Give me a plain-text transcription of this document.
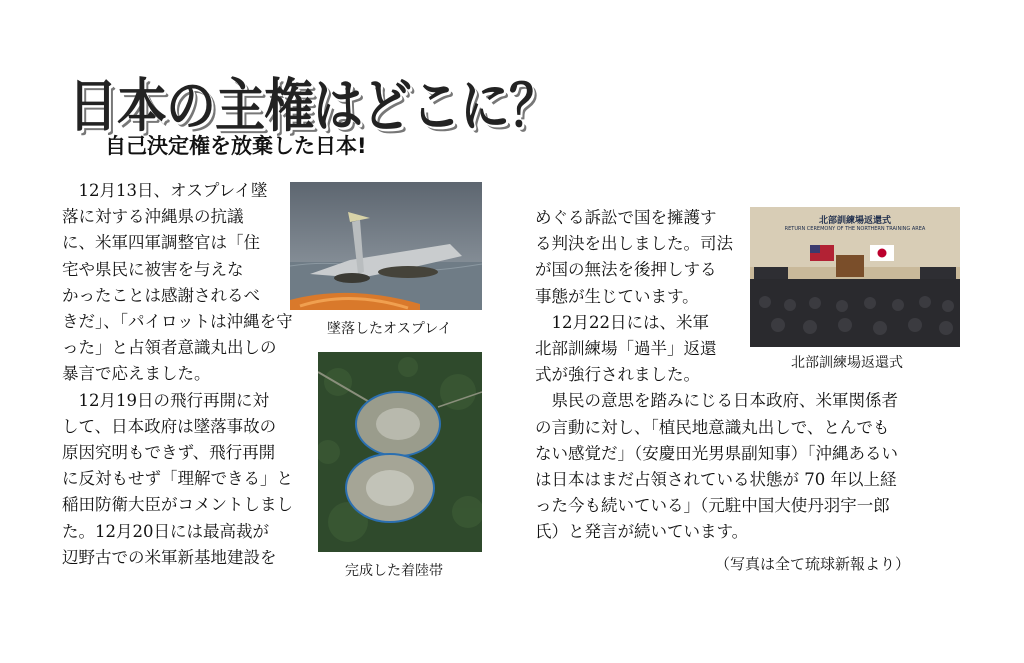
日本の主権はどこに？
自己決定権を放棄した日本!
　12月13日、オスプレイ墜
落に対する沖縄県の抗議
に、米軍四軍調整官は「住
宅や県民に被害を与えな
かったことは感謝されるべ
きだ」、「パイロットは沖縄を守
った」と占領者意識丸出しの
暴言で応えました。
　12月19日の飛行再開に対
して、日本政府は墜落事故の
原因究明もできず、飛行再開
に反対もせず「理解できる」と
稲田防衛大臣がコメントしまし
た。12月20日には最高裁が
辺野古での米軍新基地建設を
めぐる訴訟で国を擁護す
る判決を出しました。司法
が国の無法を後押しする
事態が生じています。
　12月22日には、米軍
北部訓練場「過半」返還
式が強行されました。
　県民の意思を踏みにじる日本政府、米軍関係者
の言動に対し、「植民地意識丸出しで、とんでも
ない感覚だ」（安慶田光男県副知事）「沖縄あるい
は日本はまだ占領されている状態が 70 年以上経
った今も続いている」（元駐中国大使丹羽宇一郎
氏）と発言が続いています。
（写真は全て琉球新報より）
墜落したオスプレイ
完成した着陸帯
北部訓練場返還式
RETURN CEREMONY OF THE NORTHERN TRAINING AREA
北部訓練場返還式
